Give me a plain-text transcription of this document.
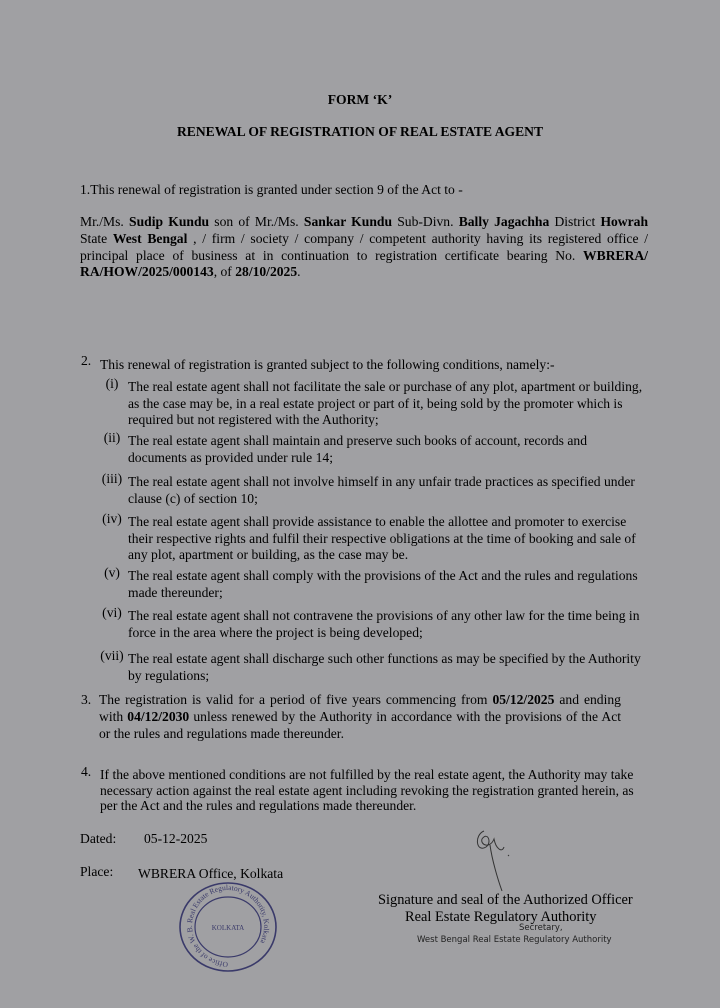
FORM ‘K’
RENEWAL OF REGISTRATION OF REAL ESTATE AGENT
1.This renewal of registration is granted under section 9 of the Act to -
Mr./Ms. Sudip Kundu son of Mr./Ms. Sankar Kundu Sub-Divn. Bally Jagachha District Howrah State West Bengal , / firm / society / company / competent authority having its registered office / principal place of business at in continuation to registration certificate bearing No. WBRERA/ RA/HOW/2025/000143, of 28/10/2025.
2. This renewal of registration is granted subject to the following conditions, namely:-
(i) The real estate agent shall not facilitate the sale or purchase of any plot, apartment or building, as the case may be, in a real estate project or part of it, being sold by the promoter which is required but not registered with the Authority;
(ii) The real estate agent shall maintain and preserve such books of account, records and documents as provided under rule 14;
(iii) The real estate agent shall not involve himself in any unfair trade practices as specified under clause (c) of section 10;
(iv) The real estate agent shall provide assistance to enable the allottee and promoter to exercise their respective rights and fulfil their respective obligations at the time of booking and sale of any plot, apartment or building, as the case may be.
(v) The real estate agent shall comply with the provisions of the Act and the rules and regulations made thereunder;
(vi) The real estate agent shall not contravene the provisions of any other law for the time being in force in the area where the project is being developed;
(vii) The real estate agent shall discharge such other functions as may be specified by the Authority by regulations;
3. The registration is valid for a period of five years commencing from 05/12/2025 and ending with 04/12/2030 unless renewed by the Authority in accordance with the provisions of the Act or the rules and regulations made thereunder.
4. If the above mentioned conditions are not fulfilled by the real estate agent, the Authority may take necessary action against the real estate agent including revoking the registration granted herein, as per the Act and the rules and regulations made thereunder.
Dated: 05-12-2025
Place: WBRERA Office, Kolkata
Office of the W. B. Real Estate Regulatory Authority, Kolkata
KOLKATA
Signature and seal of the Authorized Officer
Real Estate Regulatory Authority
Secretary,
West Bengal Real Estate Regulatory Authority
